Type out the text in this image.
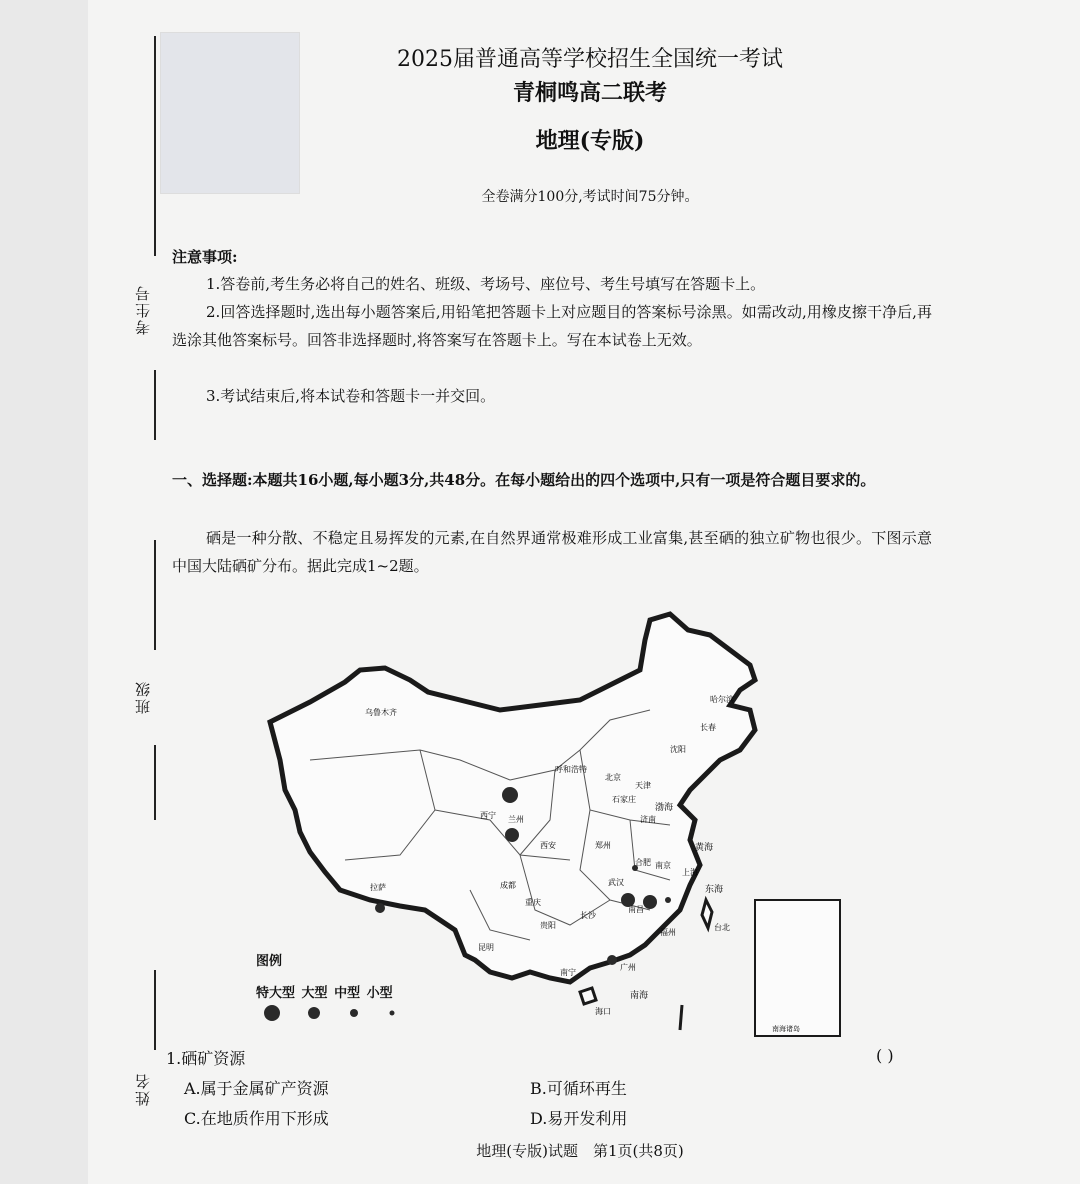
考生号
班级
姓名
2025届普通高等学校招生全国统一考试
青桐鸣高二联考
地理(专版)
全卷满分100分,考试时间75分钟。
注意事项:
1.答卷前,考生务必将自己的姓名、班级、考场号、座位号、考生号填写在答题卡上。
2.回答选择题时,选出每小题答案后,用铅笔把答题卡上对应题目的答案标号涂黑。如需改动,用橡皮擦干净后,再选涂其他答案标号。回答非选择题时,将答案写在答题卡上。写在本试卷上无效。
3.考试结束后,将本试卷和答题卡一并交回。
一、选择题:本题共16小题,每小题3分,共48分。在每小题给出的四个选项中,只有一项是符合题目要求的。
硒是一种分散、不稳定且易挥发的元素,在自然界通常极难形成工业富集,甚至硒的独立矿物也很少。下图示意中国大陆硒矿分布。据此完成1~2题。
乌鲁木齐
哈尔滨
长春
沈阳
呼和浩特
北京
天津
石家庄
济南
西宁 兰州
西安	郑州
合肥 南京
上海
武汉
成都
拉萨
重庆
长沙
南昌
福州
贵阳
昆明
台北
广州
南宁
海口
南海诸岛
渤海
黄海
东海
南海
图例
特大型 大型 中型 小型
1.硒矿资源	( )
A.属于金属矿产资源	B.可循环再生
C.在地质作用下形成	D.易开发利用
地理(专版)试题　第1页(共8页)
